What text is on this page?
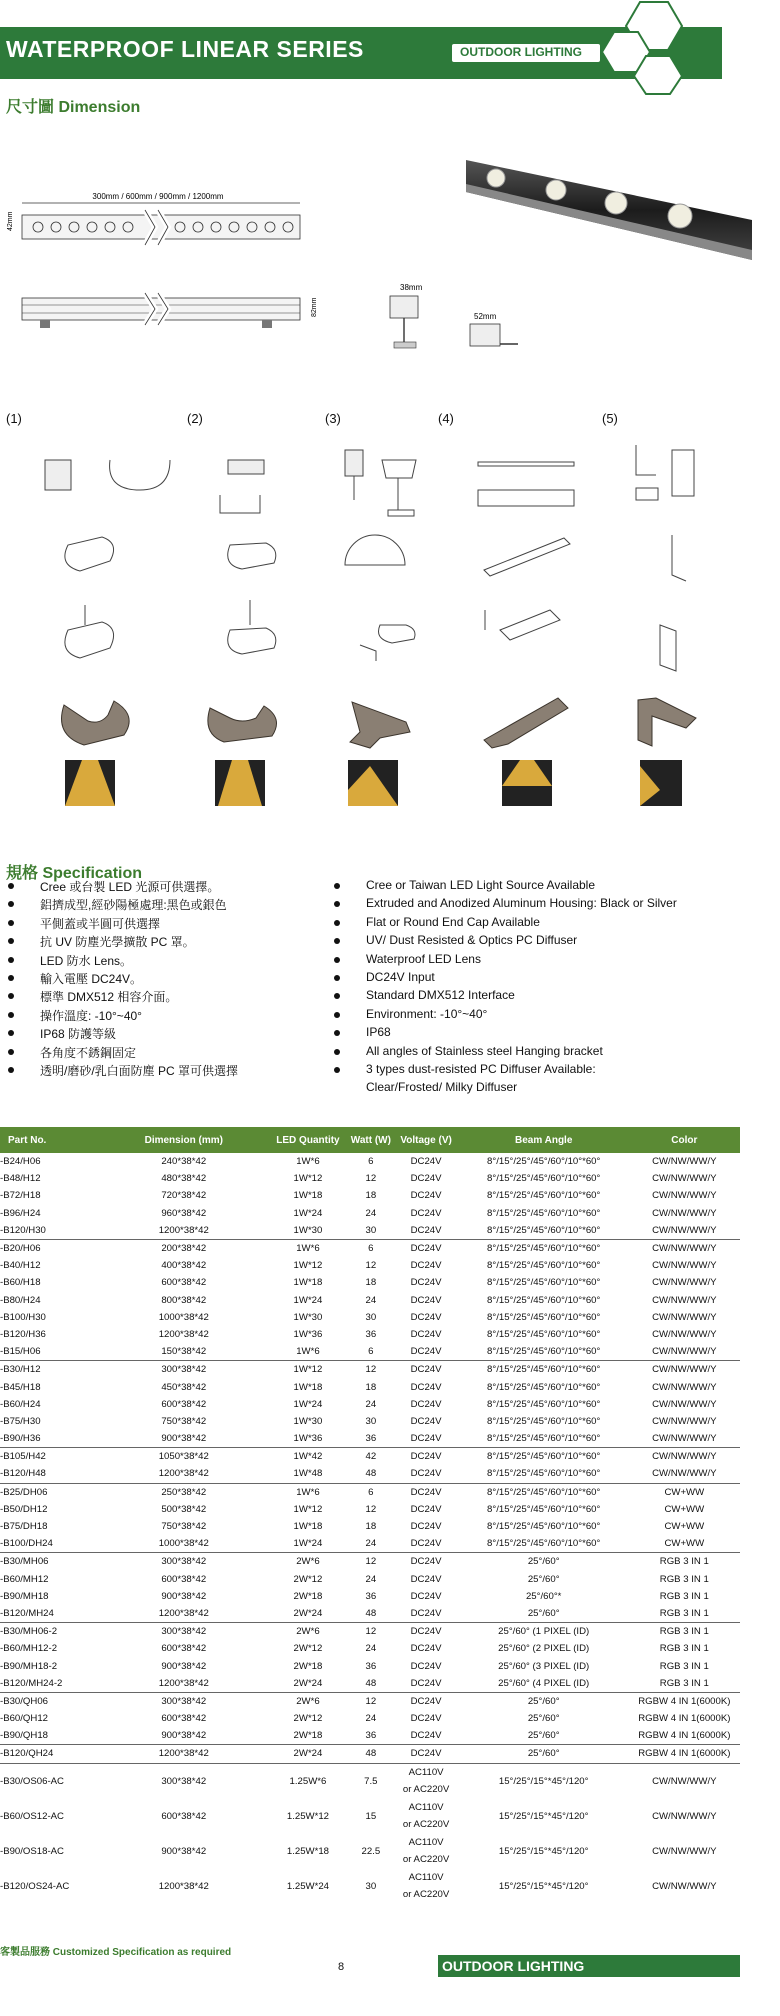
WATERPROOF LINEAR SERIES	OUTDOOR LIGHTING
尺寸圖 Dimension
300mm / 600mm / 900mm / 1200mm
42mm
82mm
38mm
52mm
(1)	(2)	(3)	(4)	(5)
規格 Specification
Cree 或台製 LED 光源可供選擇。
鋁擠成型,經砂陽極處理:黑色或銀色
平側蓋或半圓可供選擇
抗 UV 防塵光學擴散 PC 罩。
LED 防水 Lens。
輸入電壓 DC24V。
標準 DMX512 相容介面。
操作溫度: -10°~40°
IP68 防護等級
各角度不銹鋼固定
透明/磨砂/乳白面防塵 PC 罩可供選擇
Cree or Taiwan LED Light Source Available
Extruded and Anodized Aluminum Housing: Black or Silver
Flat or Round End Cap Available
UV/ Dust Resisted & Optics PC Diffuser
Waterproof LED Lens
DC24V Input
Standard DMX512 Interface
Environment: -10°~40°
IP68
All angles of Stainless steel Hanging bracket
3 types dust-resisted PC Diffuser Available:
Clear/Frosted/ Milky Diffuser
Part No.	Dimension (mm)	LED Quantity	Watt (W)	Voltage (V)	Beam Angle	Color
-B24/H06	240*38*42	1W*6	6	DC24V	8°/15°/25°/45°/60°/10°*60°	CW/NW/WW/Y
-B48/H12	480*38*42	1W*12	12	DC24V	8°/15°/25°/45°/60°/10°*60°	CW/NW/WW/Y
-B72/H18	720*38*42	1W*18	18	DC24V	8°/15°/25°/45°/60°/10°*60°	CW/NW/WW/Y
-B96/H24	960*38*42	1W*24	24	DC24V	8°/15°/25°/45°/60°/10°*60°	CW/NW/WW/Y
-B120/H30	1200*38*42	1W*30	30	DC24V	8°/15°/25°/45°/60°/10°*60°	CW/NW/WW/Y
-B20/H06	200*38*42	1W*6	6	DC24V	8°/15°/25°/45°/60°/10°*60°	CW/NW/WW/Y
-B40/H12	400*38*42	1W*12	12	DC24V	8°/15°/25°/45°/60°/10°*60°	CW/NW/WW/Y
-B60/H18	600*38*42	1W*18	18	DC24V	8°/15°/25°/45°/60°/10°*60°	CW/NW/WW/Y
-B80/H24	800*38*42	1W*24	24	DC24V	8°/15°/25°/45°/60°/10°*60°	CW/NW/WW/Y
-B100/H30	1000*38*42	1W*30	30	DC24V	8°/15°/25°/45°/60°/10°*60°	CW/NW/WW/Y
-B120/H36	1200*38*42	1W*36	36	DC24V	8°/15°/25°/45°/60°/10°*60°	CW/NW/WW/Y
-B15/H06	150*38*42	1W*6	6	DC24V	8°/15°/25°/45°/60°/10°*60°	CW/NW/WW/Y
-B30/H12	300*38*42	1W*12	12	DC24V	8°/15°/25°/45°/60°/10°*60°	CW/NW/WW/Y
-B45/H18	450*38*42	1W*18	18	DC24V	8°/15°/25°/45°/60°/10°*60°	CW/NW/WW/Y
-B60/H24	600*38*42	1W*24	24	DC24V	8°/15°/25°/45°/60°/10°*60°	CW/NW/WW/Y
-B75/H30	750*38*42	1W*30	30	DC24V	8°/15°/25°/45°/60°/10°*60°	CW/NW/WW/Y
-B90/H36	900*38*42	1W*36	36	DC24V	8°/15°/25°/45°/60°/10°*60°	CW/NW/WW/Y
-B105/H42	1050*38*42	1W*42	42	DC24V	8°/15°/25°/45°/60°/10°*60°	CW/NW/WW/Y
-B120/H48	1200*38*42	1W*48	48	DC24V	8°/15°/25°/45°/60°/10°*60°	CW/NW/WW/Y
-B25/DH06	250*38*42	1W*6	6	DC24V	8°/15°/25°/45°/60°/10°*60°	CW+WW
-B50/DH12	500*38*42	1W*12	12	DC24V	8°/15°/25°/45°/60°/10°*60°	CW+WW
-B75/DH18	750*38*42	1W*18	18	DC24V	8°/15°/25°/45°/60°/10°*60°	CW+WW
-B100/DH24	1000*38*42	1W*24	24	DC24V	8°/15°/25°/45°/60°/10°*60°	CW+WW
-B30/MH06	300*38*42	2W*6	12	DC24V	25°/60°	RGB 3 IN 1
-B60/MH12	600*38*42	2W*12	24	DC24V	25°/60°	RGB 3 IN 1
-B90/MH18	900*38*42	2W*18	36	DC24V	25°/60°*	RGB 3 IN 1
-B120/MH24	1200*38*42	2W*24	48	DC24V	25°/60°	RGB 3 IN 1
-B30/MH06-2	300*38*42	2W*6	12	DC24V	25°/60° (1 PIXEL (ID)	RGB 3 IN 1
-B60/MH12-2	600*38*42	2W*12	24	DC24V	25°/60° (2 PIXEL (ID)	RGB 3 IN 1
-B90/MH18-2	900*38*42	2W*18	36	DC24V	25°/60° (3 PIXEL (ID)	RGB 3 IN 1
-B120/MH24-2	1200*38*42	2W*24	48	DC24V	25°/60° (4 PIXEL (ID)	RGB 3 IN 1
-B30/QH06	300*38*42	2W*6	12	DC24V	25°/60°	RGBW 4 IN 1(6000K)
-B60/QH12	600*38*42	2W*12	24	DC24V	25°/60°	RGBW 4 IN 1(6000K)
-B90/QH18	900*38*42	2W*18	36	DC24V	25°/60°	RGBW 4 IN 1(6000K)
-B120/QH24	1200*38*42	2W*24	48	DC24V	25°/60°	RGBW 4 IN 1(6000K)
-B30/OS06-AC	300*38*42	1.25W*6	7.5	AC110V
or AC220V	15°/25°/15°*45°/120°	CW/NW/WW/Y
-B60/OS12-AC	600*38*42	1.25W*12	15	AC110V
or AC220V	15°/25°/15°*45°/120°	CW/NW/WW/Y
-B90/OS18-AC	900*38*42	1.25W*18	22.5	AC110V
or AC220V	15°/25°/15°*45°/120°	CW/NW/WW/Y
-B120/OS24-AC	1200*38*42	1.25W*24	30	AC110V
or AC220V	15°/25°/15°*45°/120°	CW/NW/WW/Y
客製品服務 Customized Specification as required
8	OUTDOOR LIGHTING
